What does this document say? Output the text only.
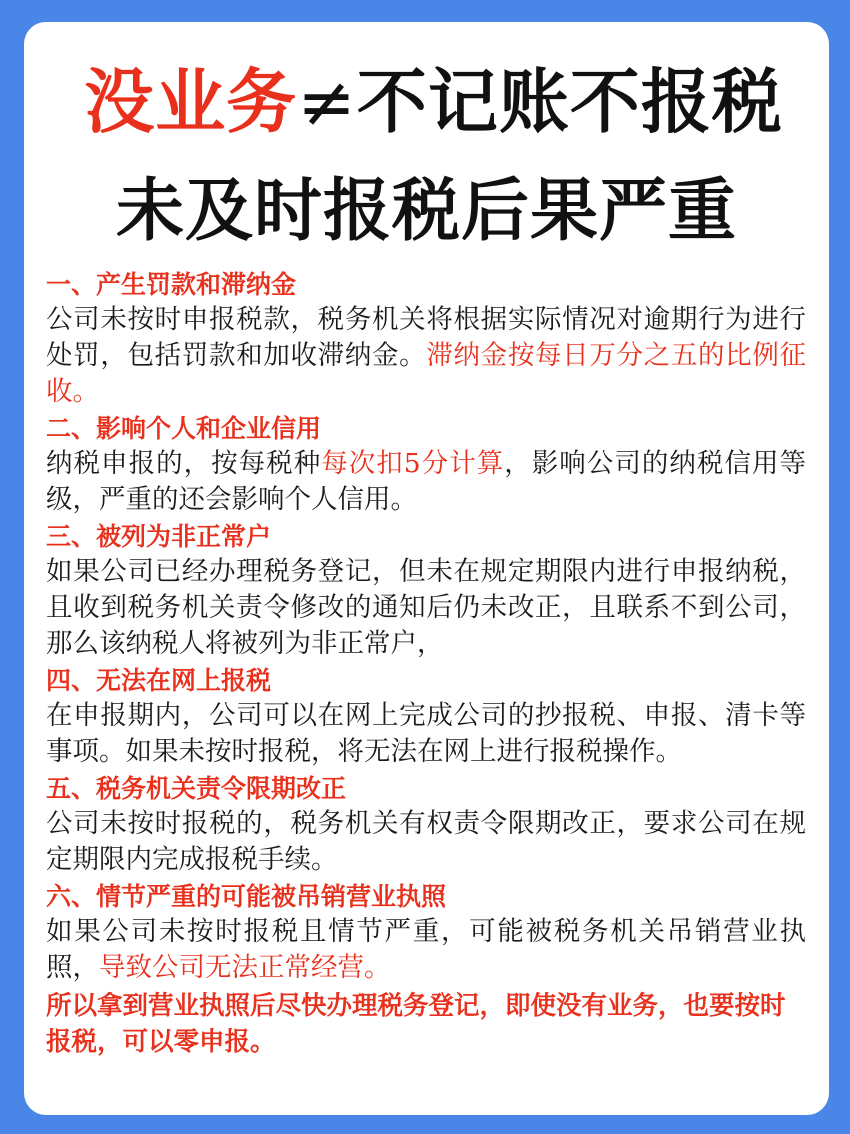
没业务≠不记账不报税
未及时报税后果严重

一、产生罚款和滞纳金

公司未按时申报税款，税务机关将根据实际情况对逾期行为进行处罚，包括罚款和加收滞纳金。滞纳金按每日万分之五的比例征收。

二、影响个人和企业信用

纳税申报的，按每税种每次扣5分计算，影响公司的纳税信用等级，严重的还会影响个人信用。

三、被列为非正常户

如果公司已经办理税务登记，但未在规定期限内进行申报纳税，且收到税务机关责令修改的通知后仍未改正，且联系不到公司，那么该纳税人将被列为非正常户，

四、无法在网上报税

在申报期内，公司可以在网上完成公司的抄报税、申报、清卡等事项。如果未按时报税，将无法在网上进行报税操作。

五、税务机关责令限期改正

公司未按时报税的，税务机关有权责令限期改正，要求公司在规定期限内完成报税手续。

六、情节严重的可能被吊销营业执照

如果公司未按时报税且情节严重，可能被税务机关吊销营业执照，导致公司无法正常经营。

所以拿到营业执照后尽快办理税务登记，即使没有业务，也要按时报税，可以零申报。
